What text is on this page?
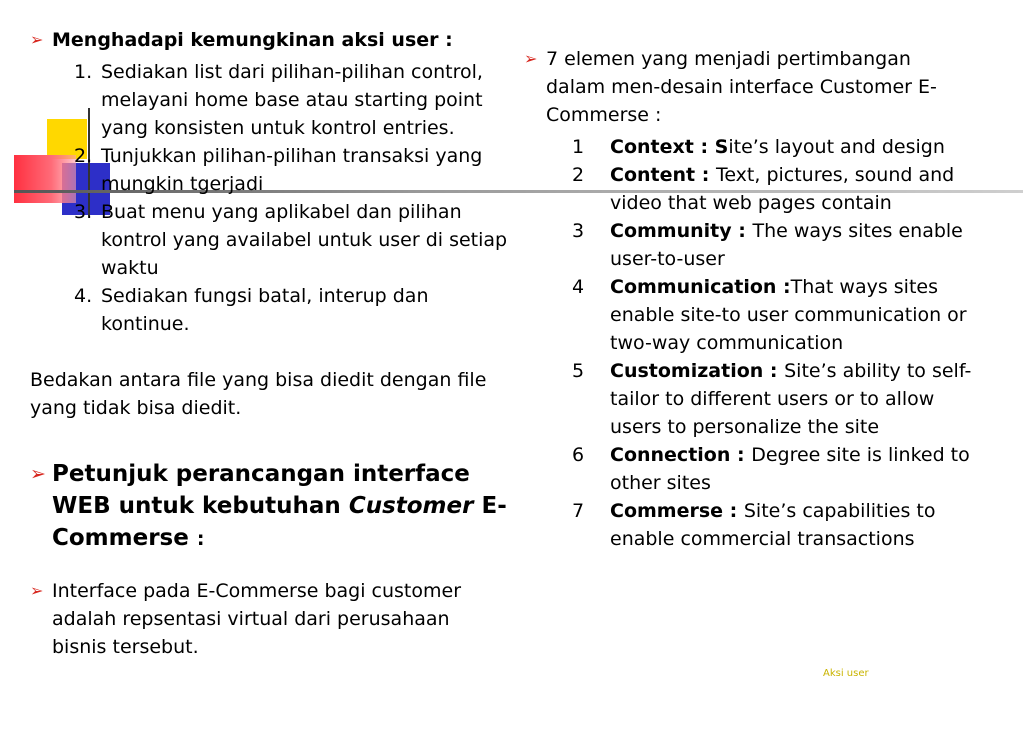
➢ Menghadapi kemungkinan aksi user :
1. Sediakan list dari pilihan-pilihan control, melayani home base atau starting point yang konsisten untuk kontrol entries.
2. Tunjukkan pilihan-pilihan transaksi yang mungkin tgerjadi
3. Buat menu yang aplikabel dan pilihan kontrol yang availabel untuk user di setiap waktu
4. Sediakan fungsi batal, interup dan kontinue.
Bedakan antara file yang bisa diedit dengan file yang tidak bisa diedit.
➢ Petunjuk perancangan interface WEB untuk kebutuhan Customer E-Commerse :
➢ Interface pada E-Commerse bagi customer adalah repsentasi virtual dari perusahaan bisnis tersebut.
➢ 7 elemen yang menjadi pertimbangan dalam men-desain interface Customer E-Commerse :
1	Context : Site’s layout and design
2	Content : Text, pictures, sound and video that web pages contain
3	Community : The ways sites enable user-to-user
4	Communication :That ways sites enable site-to user communication or two-way communication
5	Customization : Site’s ability to self-tailor to different users or to allow users to personalize the site
6	Connection : Degree site is linked to other sites
7	Commerse : Site’s capabilities to enable commercial transactions
Aksi user
